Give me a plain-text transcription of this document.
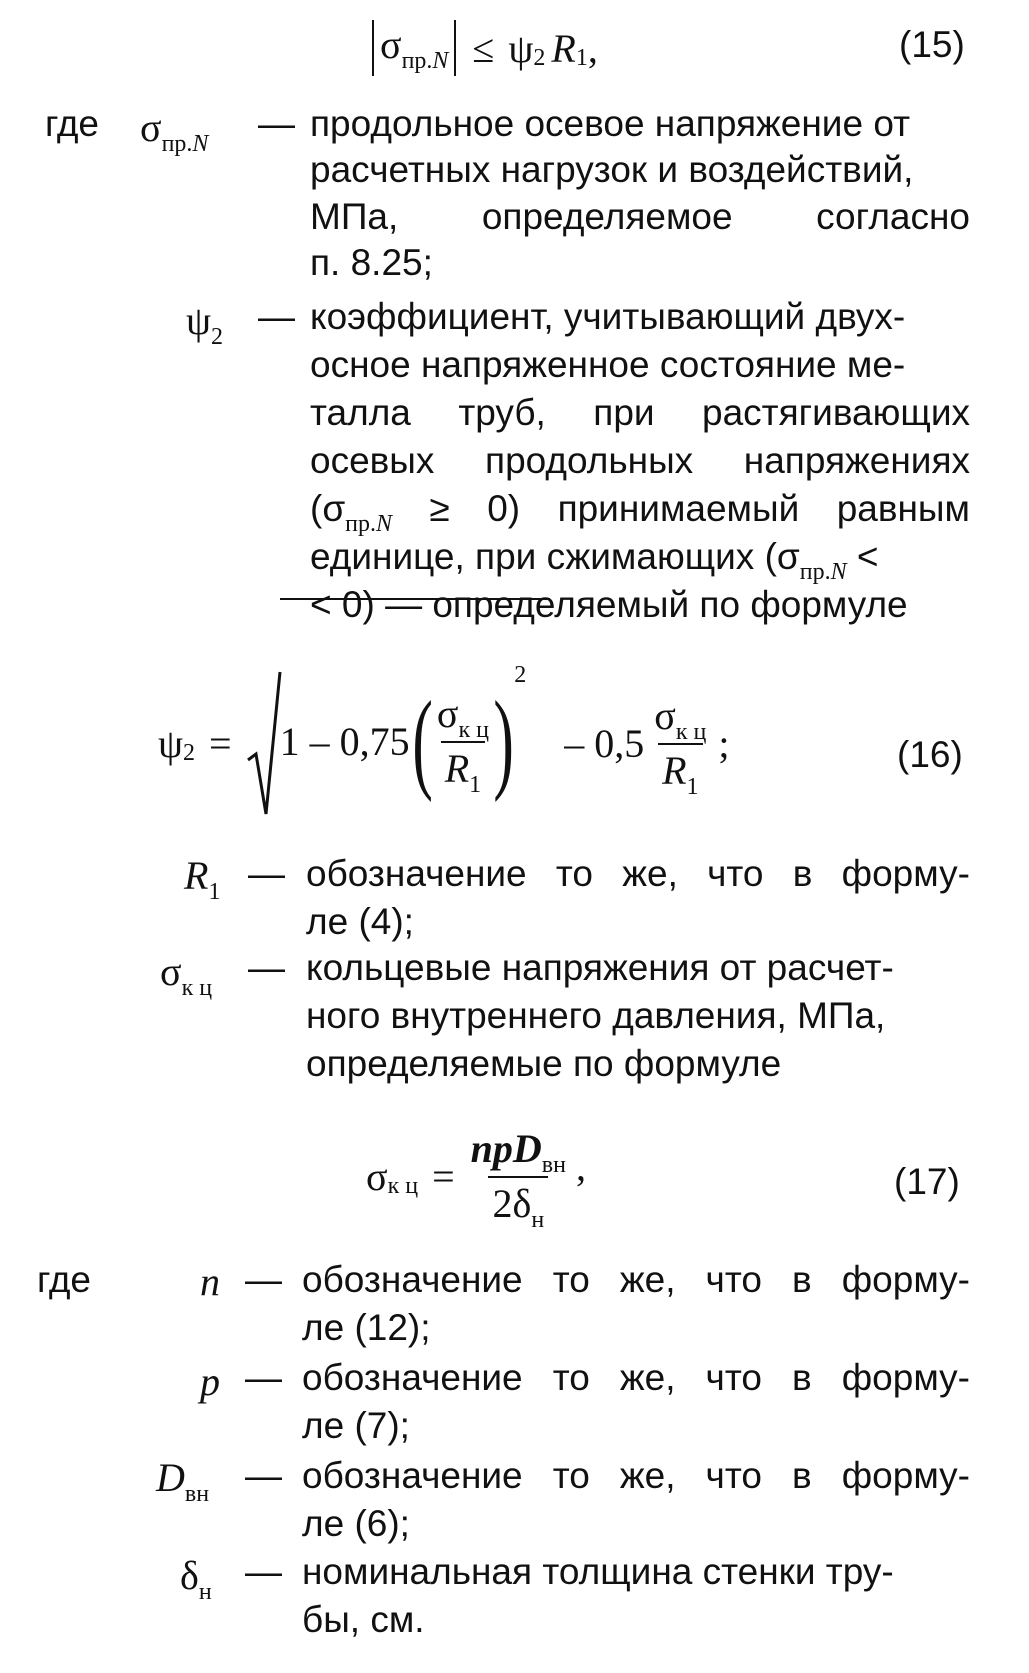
$\sigma_{пр.N} \le \psi$ 2 R 1 ,	(15)
где $\sigma_{пр.N}$ — продольное осевое напряжение от
расчетных нагрузок и воздействий,
МПа, определяемое согласно
п. 8.25;
$\psi_2$ — коэффициент, учитывающий двух-
осное напряженное состояние ме-
талла труб, при растягивающих
осевых продольных напряжениях
$(\sigma_{пр.N} \ge 0)$ принимаемый равным
единице, при сжимающих ($\sigma_{пр.N}$ <
< 0) — определяемый по формуле
ψ 2 = 1 – 0,75 ( $\frac{\sigma_{к ц}}{R_1}$ )
2
– $0,5 \frac{\sigma_{к ц}}{R_1}$ ;	(16)
$R_1$ — обозначение то же, что в форму-
ле (4);
$\sigma_{к ц}$ — кольцевые напряжения от расчет-
ного внутреннего давления, МПа,
определяемые по формуле
σ к $ц = \frac{npD_{вн}}{2\delta_н}$ ,	(17)
где	n — обозначение то же, что в форму-
ле (12);
p — обозначение то же, что в форму-
ле (7);
$D_{вн}$ — обозначение то же, что в форму-
ле (6);
$\delta_н$ — номинальная толщина стенки тру-
бы, см.
